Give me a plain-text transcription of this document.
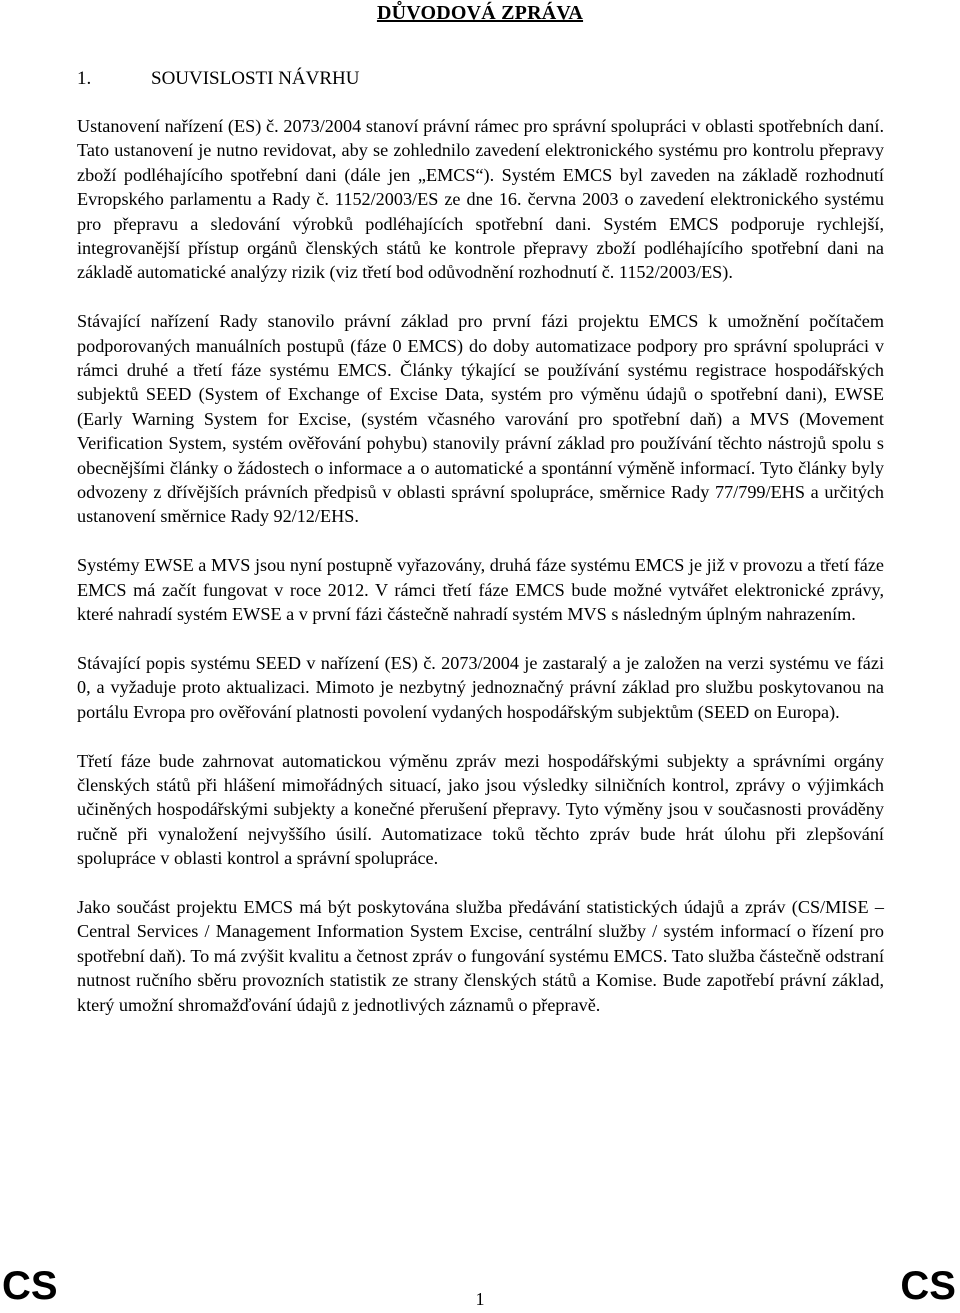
DŮVODOVÁ ZPRÁVA
1.	SOUVISLOSTI NÁVRHU

Ustanovení nařízení (ES) č. 2073/2004 stanoví právní rámec pro správní spolupráci v oblasti spotřebních daní. Tato ustanovení je nutno revidovat, aby se zohlednilo zavedení elektronického systému pro kontrolu přepravy zboží podléhajícího spotřební dani (dále jen „EMCS“). Systém EMCS byl zaveden na základě rozhodnutí Evropského parlamentu a Rady č. 1152/2003/ES ze dne 16. června 2003 o zavedení elektronického systému pro přepravu a sledování výrobků podléhajících spotřební dani. Systém EMCS podporuje rychlejší, integrovanější přístup orgánů členských států ke kontrole přepravy zboží podléhajícího spotřební dani na základě automatické analýzy rizik (viz třetí bod odůvodnění rozhodnutí č. 1152/2003/ES).

Stávající nařízení Rady stanovilo právní základ pro první fázi projektu EMCS k umožnění počítačem podporovaných manuálních postupů (fáze 0 EMCS) do doby automatizace podpory pro správní spolupráci v rámci druhé a třetí fáze systému EMCS. Články týkající se používání systému registrace hospodářských subjektů SEED (System of Exchange of Excise Data, systém pro výměnu údajů o spotřební dani), EWSE (Early Warning System for Excise, (systém včasného varování pro spotřební daň) a MVS (Movement Verification System, systém ověřování pohybu) stanovily právní základ pro používání těchto nástrojů spolu s obecnějšími články o žádostech o informace a o automatické a spontánní výměně informací. Tyto články byly odvozeny z dřívějších právních předpisů v oblasti správní spolupráce, směrnice Rady 77/799/EHS a určitých ustanovení směrnice Rady 92/12/EHS.

Systémy EWSE a MVS jsou nyní postupně vyřazovány, druhá fáze systému EMCS je již v provozu a třetí fáze EMCS má začít fungovat v roce 2012. V rámci třetí fáze EMCS bude možné vytvářet elektronické zprávy, které nahradí systém EWSE a v první fázi částečně nahradí systém MVS s následným úplným nahrazením.

Stávající popis systému SEED v nařízení (ES) č. 2073/2004 je zastaralý a je založen na verzi systému ve fázi 0, a vyžaduje proto aktualizaci. Mimoto je nezbytný jednoznačný právní základ pro službu poskytovanou na portálu Evropa pro ověřování platnosti povolení vydaných hospodářským subjektům (SEED on Europa).

Třetí fáze bude zahrnovat automatickou výměnu zpráv mezi hospodářskými subjekty a správními orgány členských států při hlášení mimořádných situací, jako jsou výsledky silničních kontrol, zprávy o výjimkách učiněných hospodářskými subjekty a konečné přerušení přepravy. Tyto výměny jsou v současnosti prováděny ručně při vynaložení nejvyššího úsilí. Automatizace toků těchto zpráv bude hrát úlohu při zlepšování spolupráce v oblasti kontrol a správní spolupráce.

Jako součást projektu EMCS má být poskytována služba předávání statistických údajů a zpráv (CS/MISE – Central Services / Management Information System Excise, centrální služby / systém informací o řízení pro spotřební daň). To má zvýšit kvalitu a četnost zpráv o fungování systému EMCS. Tato služba částečně odstraní nutnost ručního sběru provozních statistik ze strany členských států a Komise. Bude zapotřebí právní základ, který umožní shromažďování údajů z jednotlivých záznamů o přepravě.

CS	1	CS
